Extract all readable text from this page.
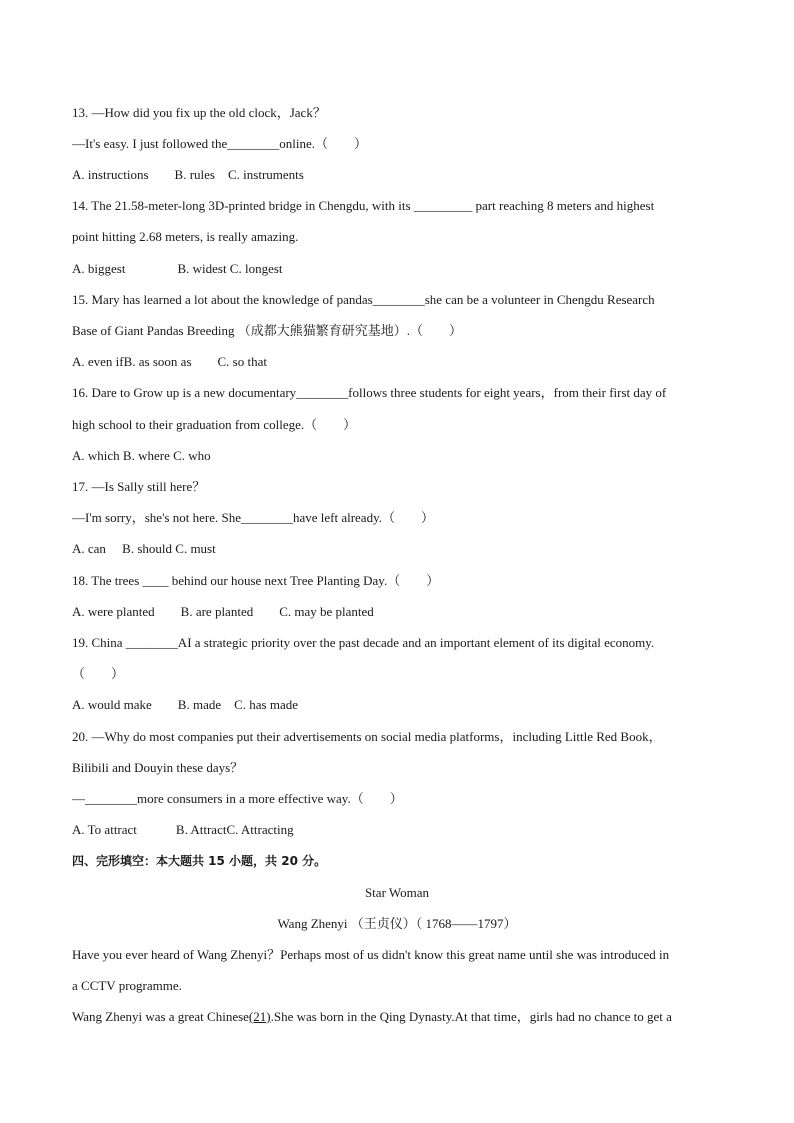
13. —How did you fix up the old clock，Jack？
—It's easy. I just followed the________online.（　　）
A. instructions　　B. rules　C. instruments
14. The 21.58-meter-long 3D-printed bridge in Chengdu, with its _________ part reaching 8 meters and highest
point hitting 2.68 meters, is really amazing.
A. biggest　　　　B. widest C. longest
15. Mary has learned a lot about the knowledge of pandas________she can be a volunteer in Chengdu Research
Base of Giant Pandas Breeding （成都大熊猫繁育研究基地）.（　　）
A. even ifB. as soon as　　C. so that
16. Dare to Grow up is a new documentary________follows three students for eight years，from their first day of
high school to their graduation from college.（　　）
A. which B. where C. who
17. —Is Sally still here？
—I'm sorry，she's not here. She________have left already.（　　）
A. can　 B. should C. must
18. The trees ____ behind our house next Tree Planting Day.（　　）
A. were planted　　B. are planted　　C. may be planted
19. China ________AI a strategic priority over the past decade and an important element of its digital economy.
（　　）
A. would make　　B. made　C. has made
20. —Why do most companies put their advertisements on social media platforms，including Little Red Book，
Bilibili and Douyin these days？
—________more consumers in a more effective way.（　　）
A. To attract　　　B. AttractC. Attracting
四、完形填空：本大题共 15 小题，共 20 分。
Star Woman
Wang Zhenyi （王贞仪）（ 1768——1797）
Have you ever heard of Wang Zhenyi？Perhaps most of us didn't know this great name until she was introduced in
a CCTV programme.
Wang Zhenyi was a great Chinese(21).She was born in the Qing Dynasty.At that time，girls had no chance to get a
